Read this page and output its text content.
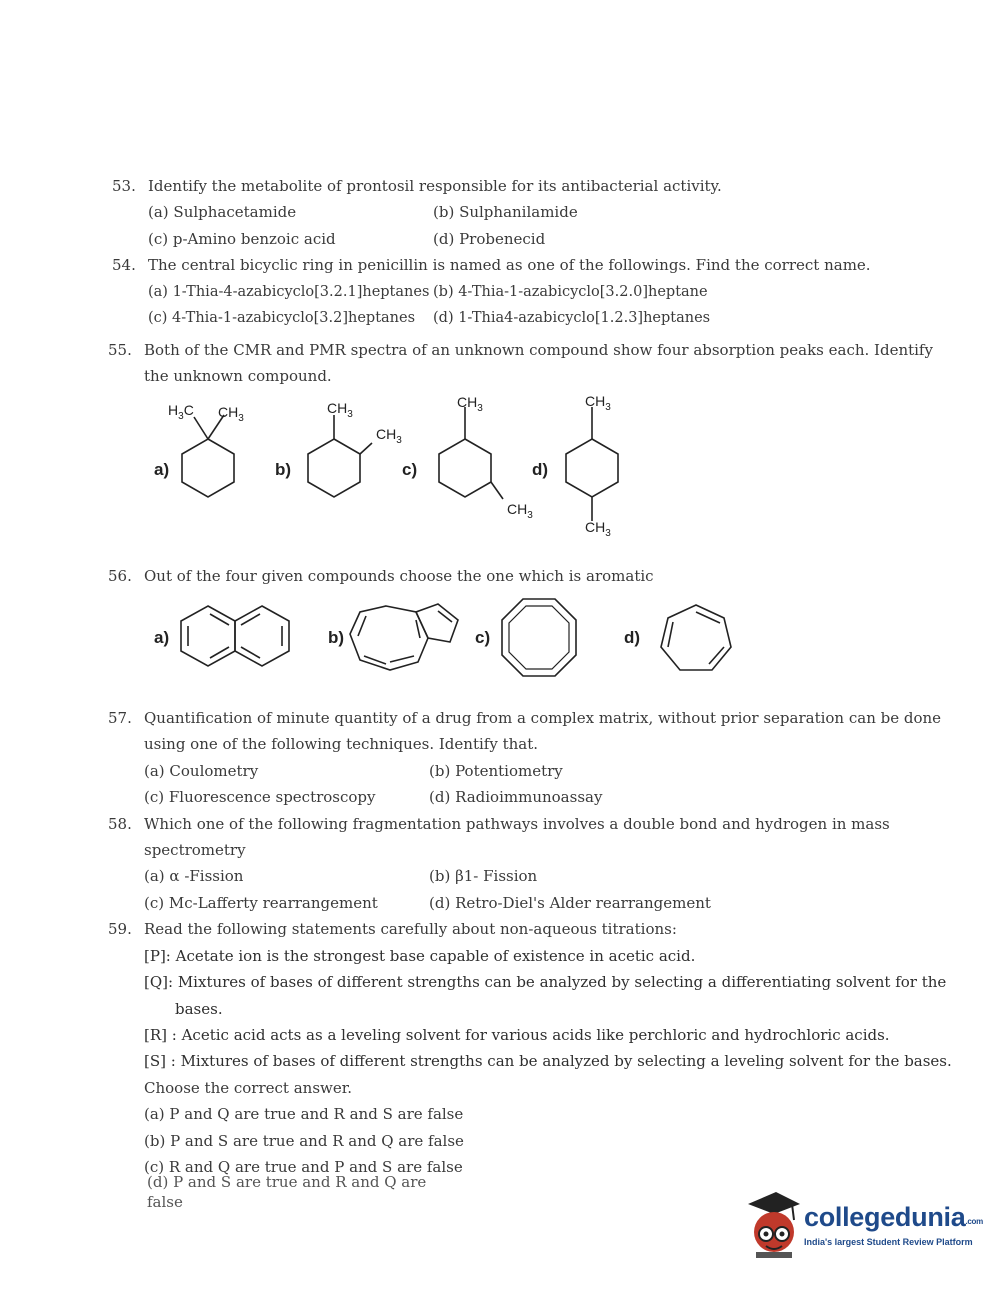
53. Identify the metabolite of prontosil responsible for its antibacterial activity.
(a) Sulphacetamide	(b) Sulphanilamide
(c) p-Amino benzoic acid	(d) Probenecid
54. The central bicyclic ring in penicillin is named as one of the followings. Find the correct name.
(a) 1-Thia-4-azabicyclo[3.2.1]heptanes (b) 4-Thia-1-azabicyclo[3.2.0]heptane
(c) 4-Thia-1-azabicyclo[3.2]heptanes (d) 1-Thia4-azabicyclo[1.2.3]heptanes
55. Both of the CMR and PMR spectra of an unknown compound show four absorption peaks each. Identify
the unknown compound.
a)
$H_3C$ $CH_3$
b)
$CH_3$
$CH_3$
c)
$CH_3$
$CH_3$
d)
$CH_3$
$CH_3$
56. Out of the four given compounds choose the one which is aromatic
a)	b)	c)	d)
57. Quantification of minute quantity of a drug from a complex matrix, without prior separation can be done
using one of the following techniques. Identify that.
(a) Coulometry	(b) Potentiometry
(c) Fluorescence spectroscopy	(d) Radioimmunoassay
58. Which one of the following fragmentation pathways involves a double bond and hydrogen in mass
spectrometry
(a) α -Fission	(b) β1- Fission
(c) Mc-Lafferty rearrangement	(d) Retro-Diel's Alder rearrangement
59. Read the following statements carefully about non-aqueous titrations:
[P]: Acetate ion is the strongest base capable of existence in acetic acid.
[Q]: Mixtures of bases of different strengths can be analyzed by selecting a differentiating solvent for the
bases.
[R] : Acetic acid acts as a leveling solvent for various acids like perchloric and hydrochloric acids.
[S] : Mixtures of bases of different strengths can be analyzed by selecting a leveling solvent for the bases.
Choose the correct answer.
(a) P and Q are true and R and S are false
(b) P and S are true and R and Q are false
(c) R and Q are true and P and S are false
(d) P and S are true and R and Q are false	collegedunia.com
India's largest Student Review Platform
